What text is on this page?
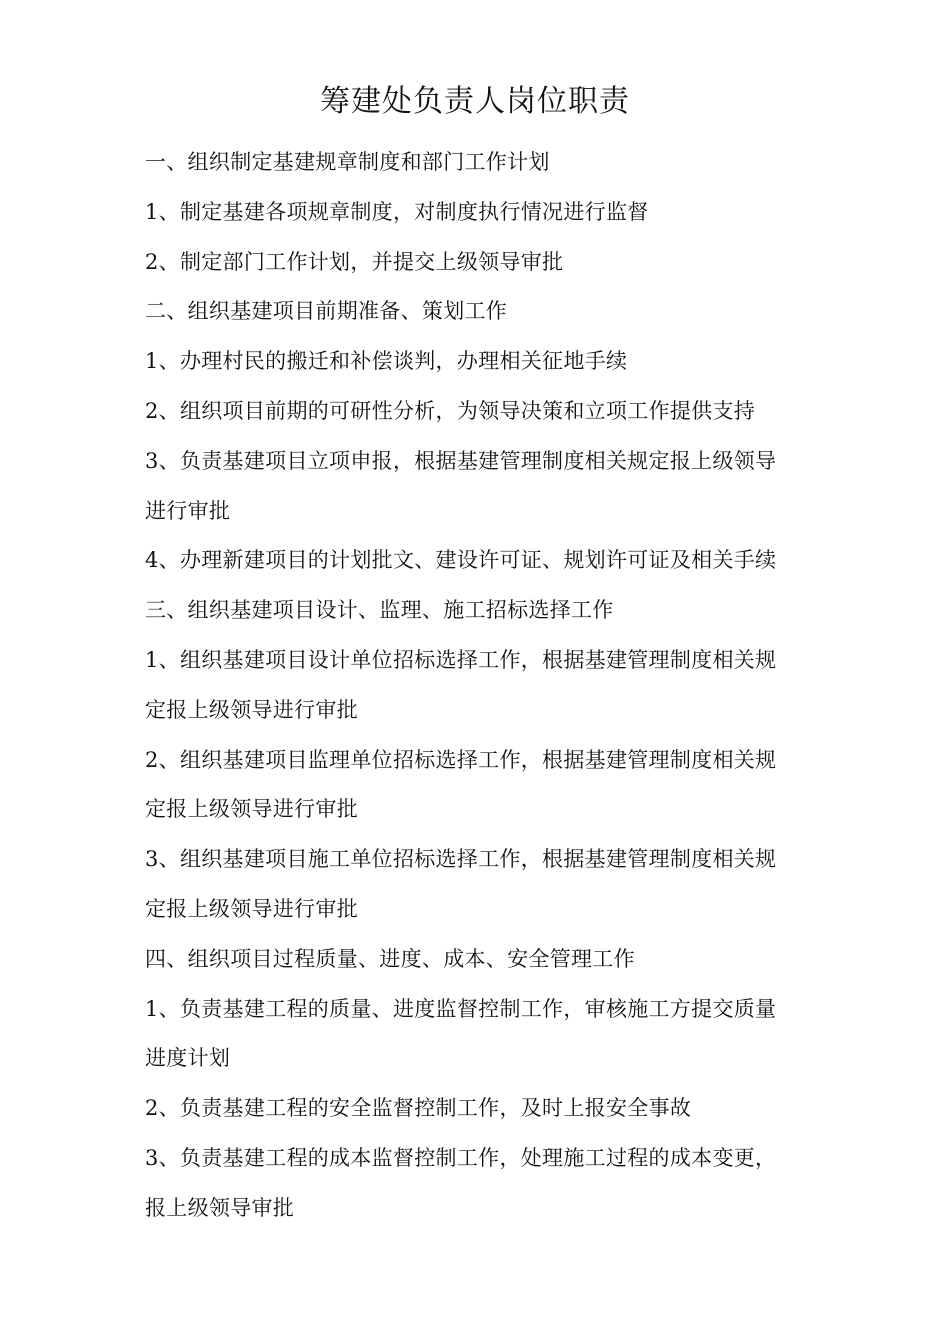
筹建处负责人岗位职责

一、组织制定基建规章制度和部门工作计划

1、制定基建各项规章制度，对制度执行情况进行监督

2、制定部门工作计划，并提交上级领导审批

二、组织基建项目前期准备、策划工作

1、办理村民的搬迁和补偿谈判，办理相关征地手续

2、组织项目前期的可研性分析，为领导决策和立项工作提供支持

3、负责基建项目立项申报，根据基建管理制度相关规定报上级领导

进行审批

4、办理新建项目的计划批文、建设许可证、规划许可证及相关手续

三、组织基建项目设计、监理、施工招标选择工作

1、组织基建项目设计单位招标选择工作，根据基建管理制度相关规

定报上级领导进行审批

2、组织基建项目监理单位招标选择工作，根据基建管理制度相关规

定报上级领导进行审批

3、组织基建项目施工单位招标选择工作，根据基建管理制度相关规

定报上级领导进行审批

四、组织项目过程质量、进度、成本、安全管理工作

1、负责基建工程的质量、进度监督控制工作，审核施工方提交质量

进度计划

2、负责基建工程的安全监督控制工作，及时上报安全事故

3、负责基建工程的成本监督控制工作，处理施工过程的成本变更，

报上级领导审批
